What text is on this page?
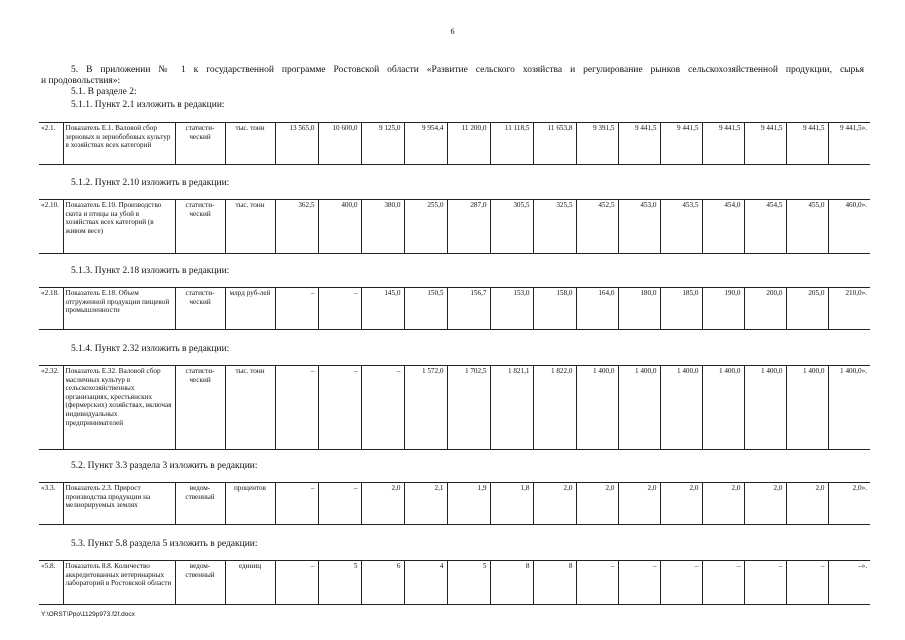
6
5. В приложении № 1 к государственной программе Ростовской области «Развитие сельского хозяйства и регулирование рынков сельскохозяйственной продукции, сырья
и продовольствия»:
5.1. В разделе 2:
5.1.1. Пункт 2.1 изложить в редакции:
«2.1.	Показатель Е.1. Валовой сбор зерновых и зернобобовых культур в хозяйствах всех категорий	статисти-ческий	тыс. тонн	13 565,0	10 600,0	9 125,0	9 954,4	11 200,0	11 118,5	11 653,8	9 391,5	9 441,5	9 441,5	9 441,5	9 441,5	9 441,5	9 441,5».
«2.10.	Показатель Е.10. Производство скота и птицы на убой в хозяйствах всех категорий (в живом весе)	статисти-ческий	тыс. тонн	362,5	400,0	380,0	255,0	287,0	305,5	325,5	452,5	453,0	453,5	454,0	454,5	455,0	460,0».
«2.18.	Показатель Е.18. Объем отгруженной продукции пищевой промышленности	статисти-ческий	млрд руб-лей	–	–	145,0	150,5	156,7	153,0	158,0	164,0	180,0	185,0	190,0	200,0	205,0	210,0».
«2.32.	Показатель Е.32. Валовой сбор масличных культур в сельскохозяйственных организациях, крестьянских (фермерских) хозяйствах, включая индивидуальных предпринимателей	статисти-ческий	тыс. тонн	–	–	–	1 572,0	1 702,5	1 821,1	1 822,0	1 400,0	1 400,0	1 400,0	1 400,0	1 400,0	1 400,0	1 400,0».
«3.3.	Показатель 2.3. Прирост производства продукции на мелиорируемых землях	ведом-ственный	процентов	–	–	2,0	2,1	1,9	1,8	2,0	2,0	2,0	2,0	2,0	2,0	2,0	2,0».
«5.8.	Показатель 8.8. Количество аккредитованных ветеринарных лабораторий в Ростовской области	ведом-ственный	единиц	–	5	6	4	5	8	8	–	–	–	–	–	–	–».
5.1.2. Пункт 2.10 изложить в редакции:
5.1.3. Пункт 2.18 изложить в редакции:
5.1.4. Пункт 2.32 изложить в редакции:
5.2. Пункт 3.3 раздела 3 изложить в редакции:
5.3. Пункт 5.8 раздела 5 изложить в редакции:
Y:\ORST\Ppo\1129p973.f2f.docx
